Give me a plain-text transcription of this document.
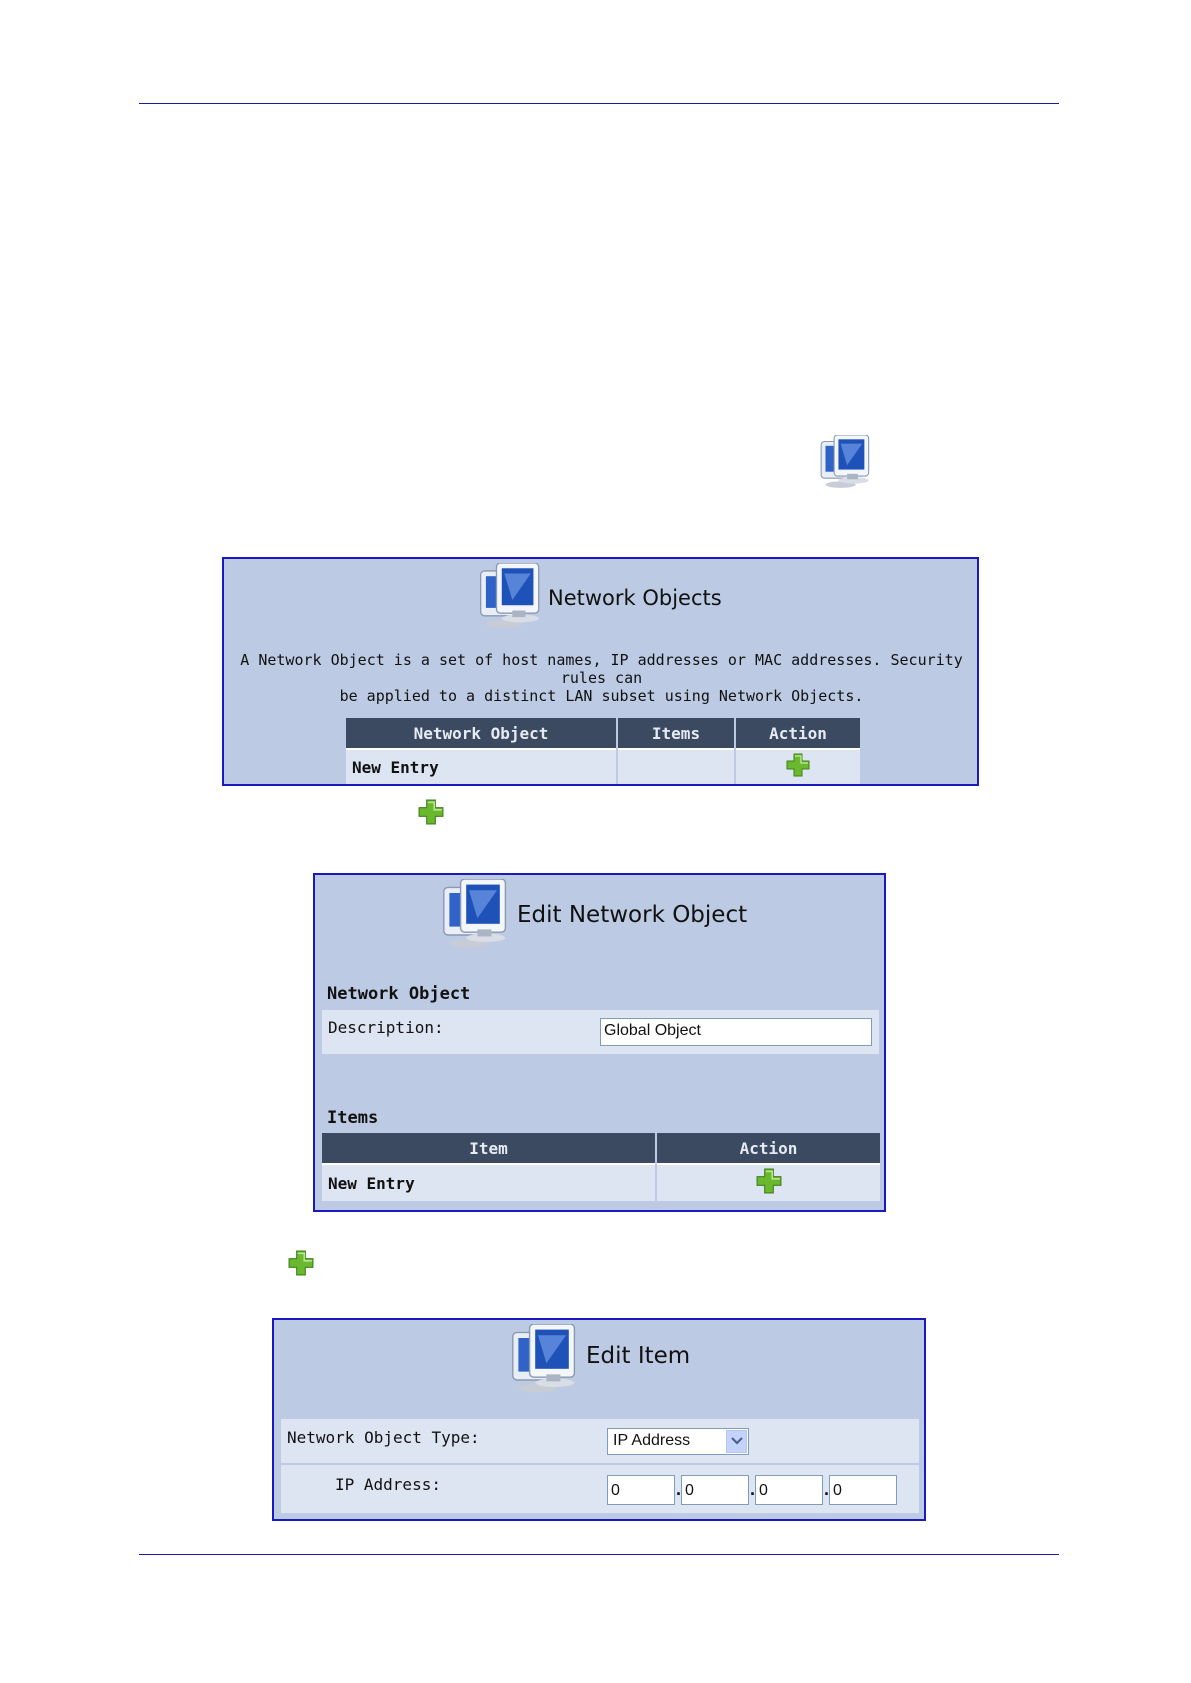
Network Objects
A Network Object is a set of host names, IP addresses or MAC addresses. Security rules can
be applied to a distinct LAN subset using Network Objects.
Network Object	Items	Action
New Entry		
Edit Network Object
Network Object
Description:	Global Object
Items
Item	Action
New Entry	
Edit Item
Network Object Type:	IP Address
IP Address:	0	. 0	. 0	. 0
